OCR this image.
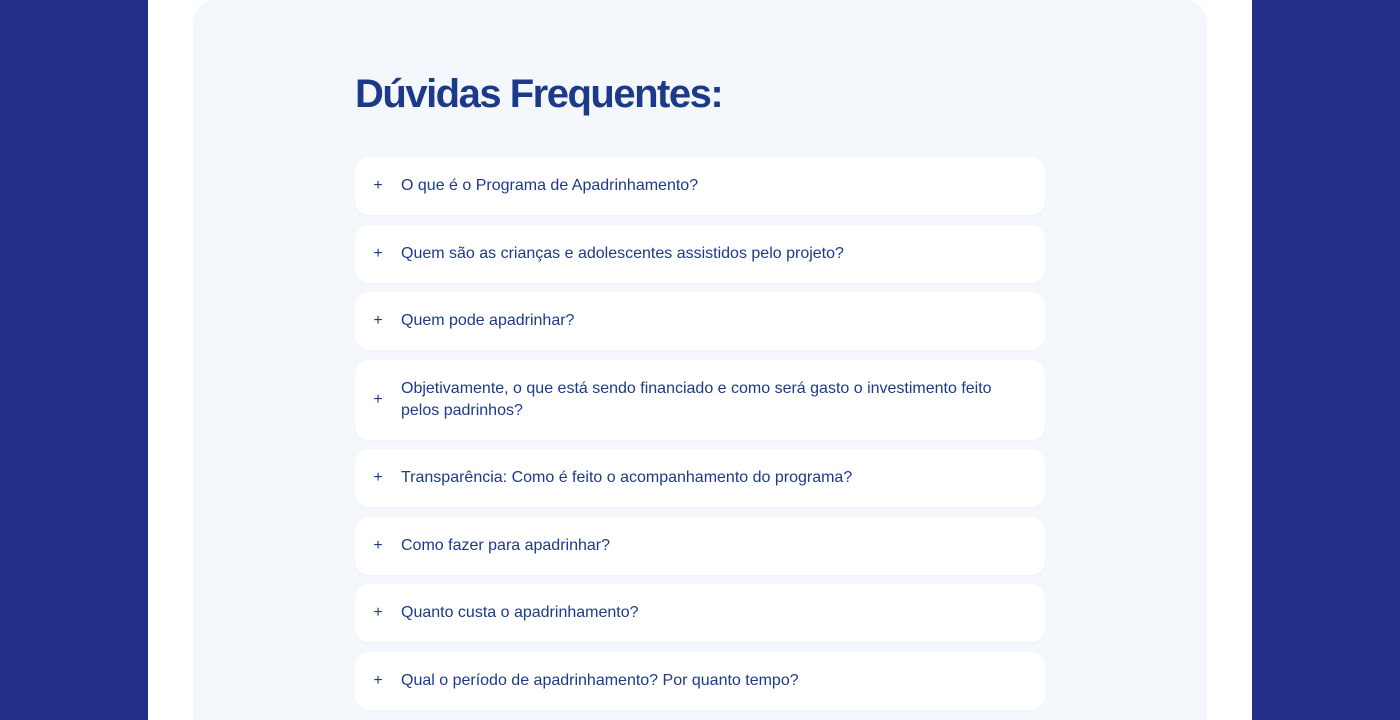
Dúvidas Frequentes:
+	O que é o Programa de Apadrinhamento?
+	Quem são as crianças e adolescentes assistidos pelo projeto?
+	Quem pode apadrinhar?
+
Objetivamente, o que está sendo financiado e como será gasto o investimento feito pelos padrinhos?
+	Transparência: Como é feito o acompanhamento do programa?
+	Como fazer para apadrinhar?
+	Quanto custa o apadrinhamento?
+	Qual o período de apadrinhamento? Por quanto tempo?
